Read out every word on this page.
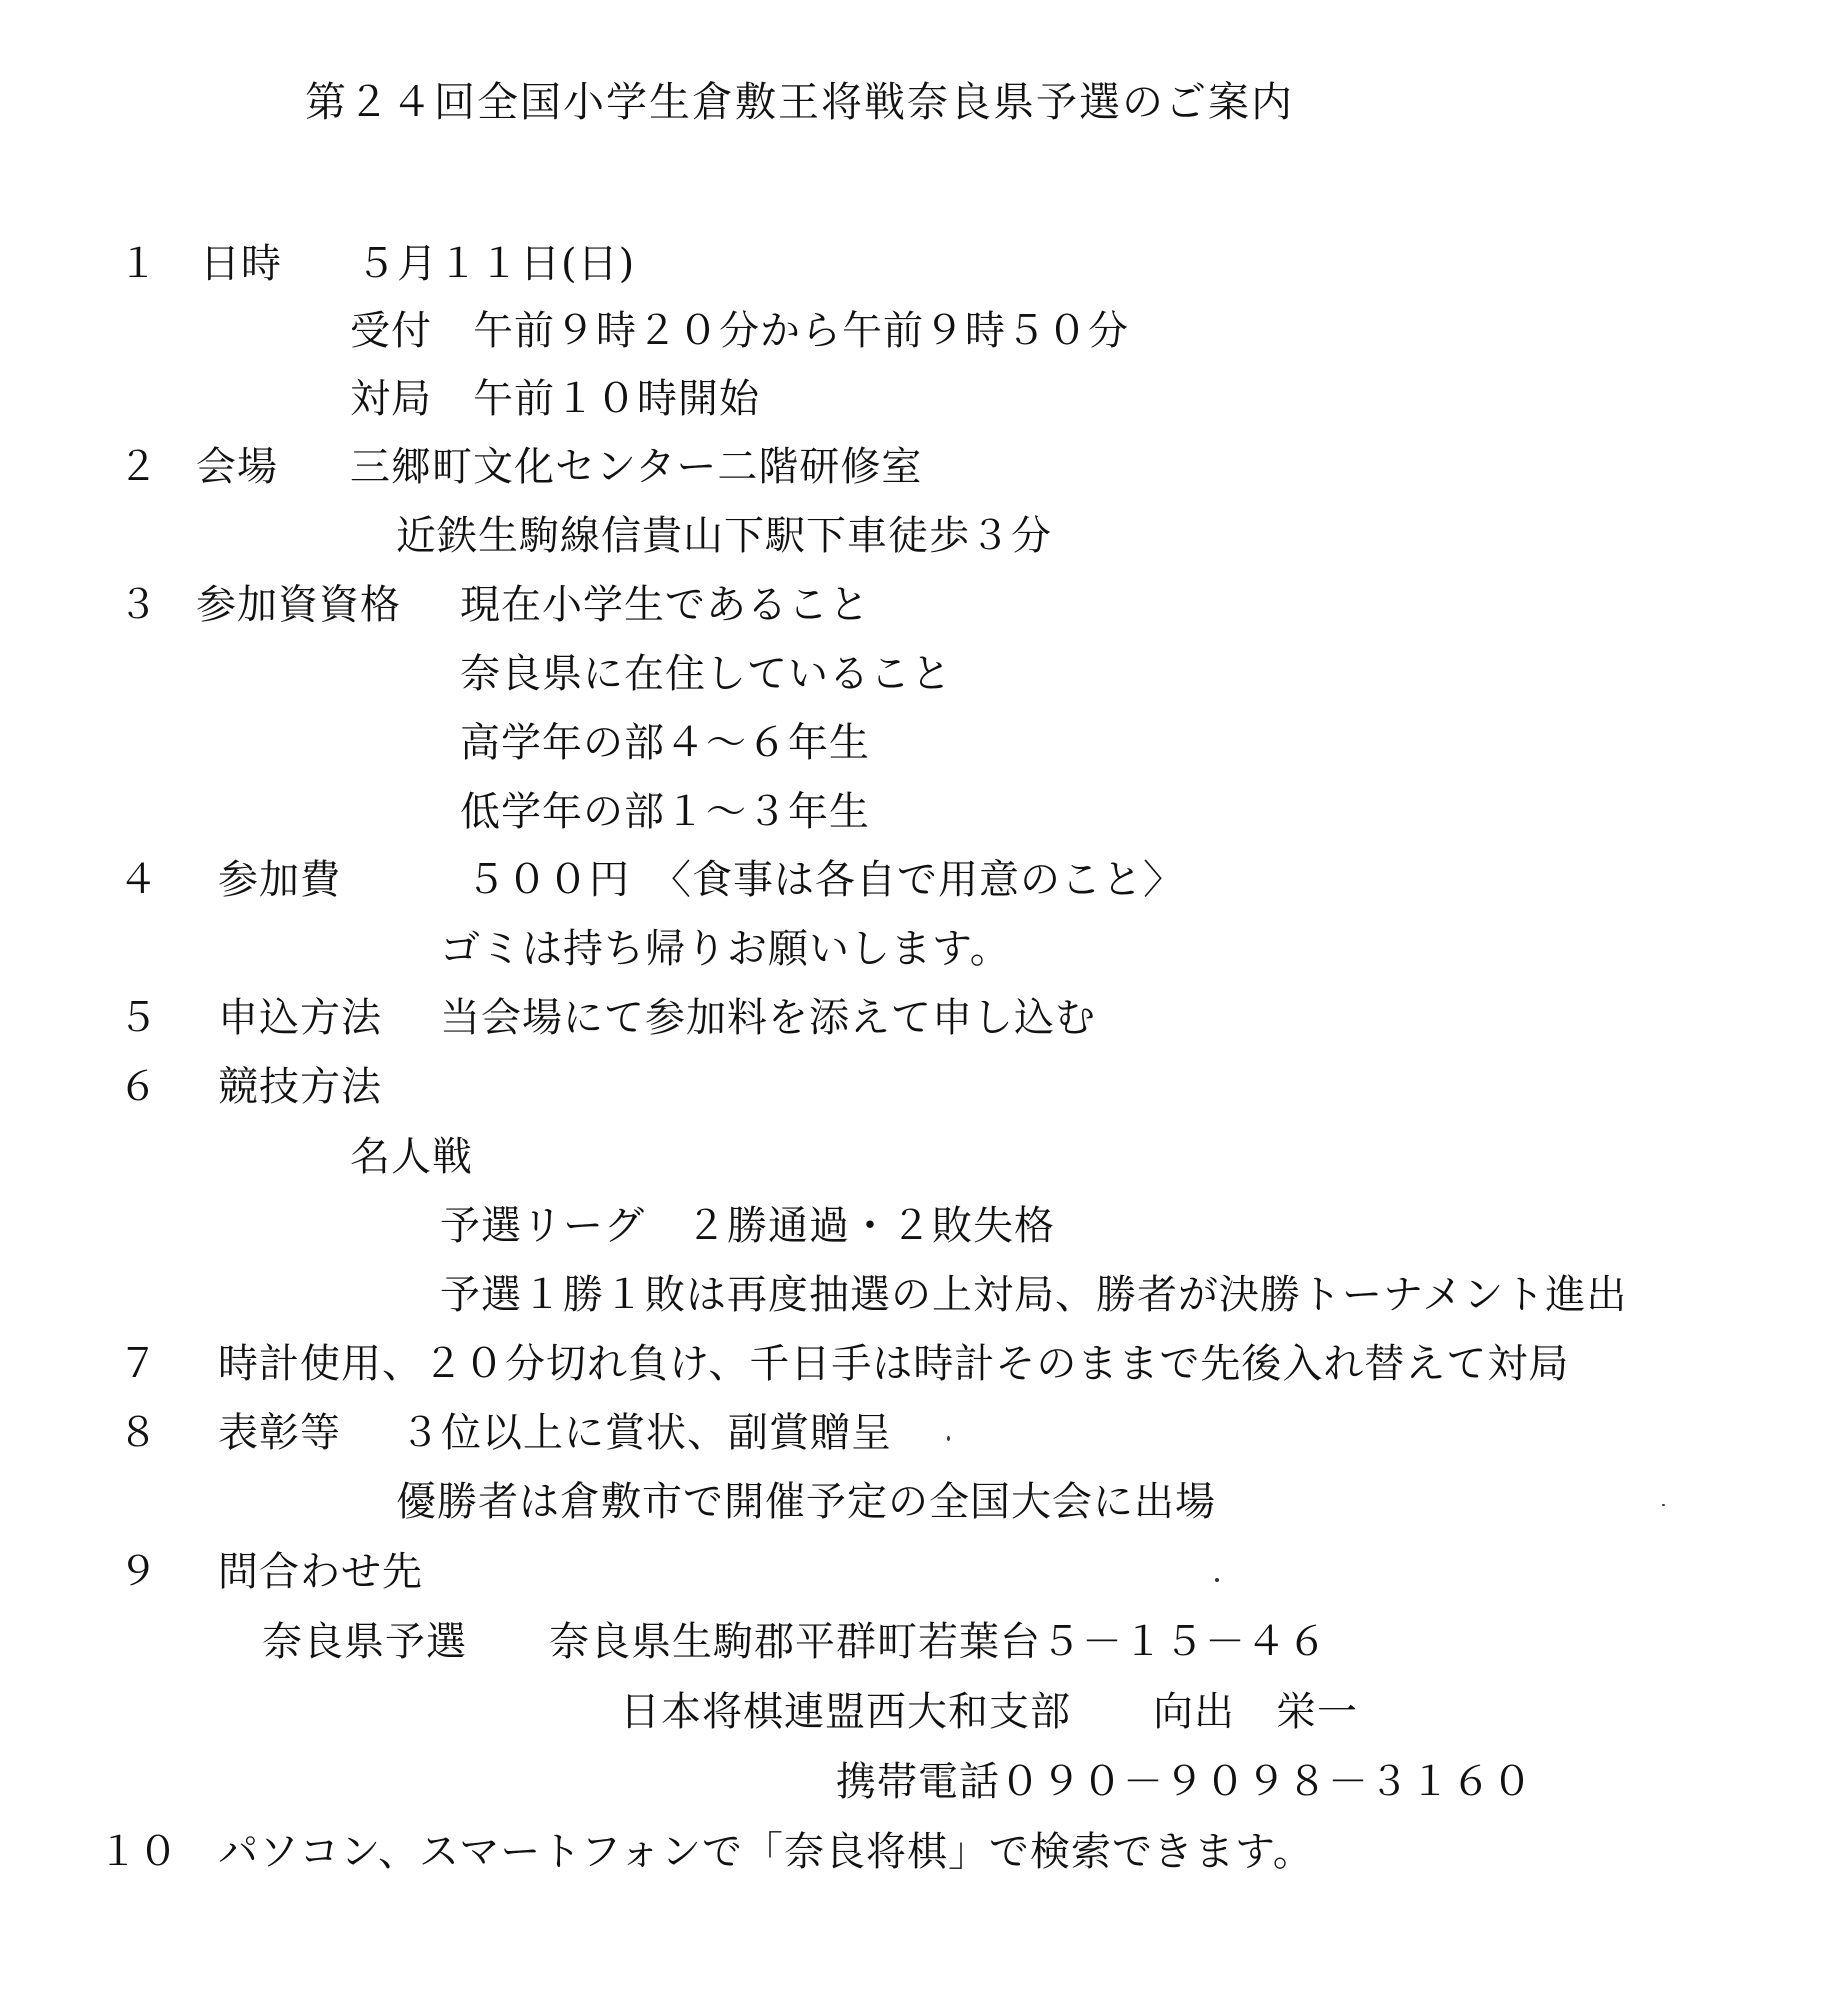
第２４回全国小学生倉敷王将戦奈良県予選のご案内
１ 日時 ５月１１日(日)
受付　午前９時２０分から午前９時５０分
対局　午前１０時開始
２ 会場 三郷町文化センター二階研修室
近鉄生駒線信貴山下駅下車徒歩３分
３ 参加資資格 現在小学生であること
奈良県に在住していること
高学年の部４～６年生
低学年の部１～３年生
４ 参加費	５００円　〈食事は各自で用意のこと〉
ゴミは持ち帰りお願いします。
５ 申込方法 当会場にて参加料を添えて申し込む
６ 競技方法
名人戦
予選リーグ　２勝通過・２敗失格
予選１勝１敗は再度抽選の上対局、勝者が決勝トーナメント進出
７ 時計使用、２０分切れ負け、千日手は時計そのままで先後入れ替えて対局
８ 表彰等 ３位以上に賞状、副賞贈呈
優勝者は倉敷市で開催予定の全国大会に出場
９ 問合わせ先
奈良県予選　　奈良県生駒郡平群町若葉台５－１５－４６
日本将棋連盟西大和支部　　向出　栄一
携帯電話０９０－９０９８－３１６０
１０ パソコン、スマートフォンで「奈良将棋」で検索できます。
